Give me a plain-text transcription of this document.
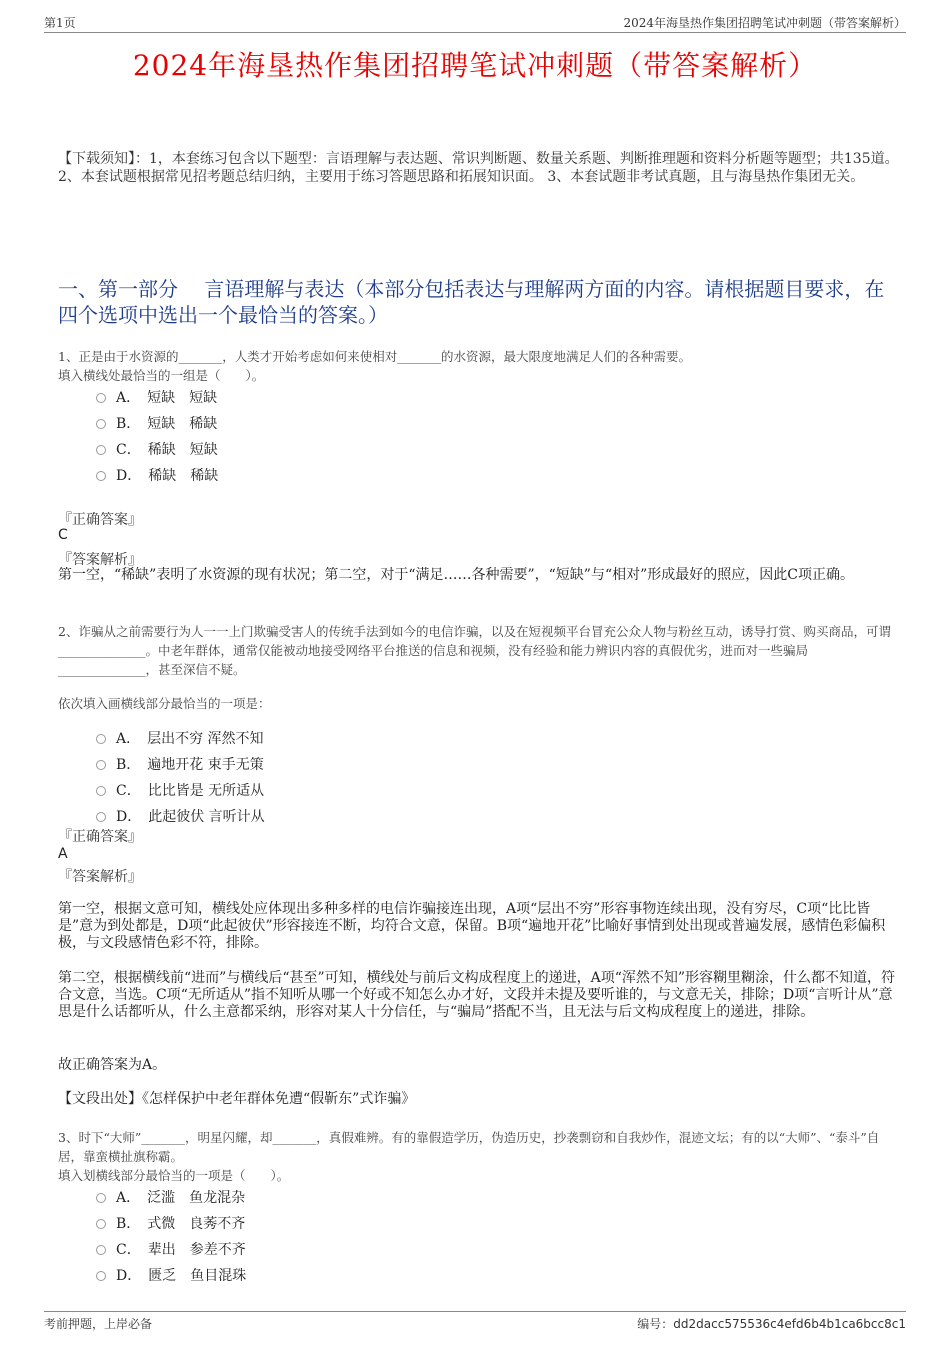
第1页	2024年海垦热作集团招聘笔试冲刺题（带答案解析）
2024年海垦热作集团招聘笔试冲刺题（带答案解析）
【下载须知】：1，本套练习包含以下题型：言语理解与表达题、常识判断题、数量关系题、判断推理题和资料分析题等题型；共135道。 2、本套试题根据常见招考题总结归纳，主要用于练习答题思路和拓展知识面。 3、本套试题非考试真题，且与海垦热作集团无关。
一、第一部分　 言语理解与表达（本部分包括表达与理解两方面的内容。请根据题目要求，在四个选项中选出一个最恰当的答案。）
1、正是由于水资源的_______，人类才开始考虑如何来使相对_______的水资源，最大限度地满足人们的各种需要。
填入横线处最恰当的一组是（　　）。
A．　短缺　短缺
B．　短缺　稀缺
C．　稀缺　短缺
D．　稀缺　稀缺
『正确答案』
C
『答案解析』
第一空，“稀缺”表明了水资源的现有状况；第二空，对于“满足……各种需要”，“短缺”与“相对”形成最好的照应，因此C项正确。
2、诈骗从之前需要行为人一一上门欺骗受害人的传统手法到如今的电信诈骗，以及在短视频平台冒充公众人物与粉丝互动，诱导打赏、购买商品，可谓 ______________。中老年群体，通常仅能被动地接受网络平台推送的信息和视频，没有经验和能力辨识内容的真假优劣，进而对一些骗局 ______________，甚至深信不疑。
依次填入画横线部分最恰当的一项是：
A．　层出不穷 浑然不知
B．　遍地开花 束手无策
C．　比比皆是 无所适从
D．　此起彼伏 言听计从
『正确答案』
A
『答案解析』
第一空，根据文意可知，横线处应体现出多种多样的电信诈骗接连出现，A项“层出不穷”形容事物连续出现，没有穷尽，C项“比比皆是”意为到处都是，D项“此起彼伏”形容接连不断，均符合文意，保留。B项“遍地开花”比喻好事情到处出现或普遍发展，感情色彩偏积极，与文段感情色彩不符，排除。
第二空，根据横线前“进而”与横线后“甚至”可知，横线处与前后文构成程度上的递进，A项“浑然不知”形容糊里糊涂，什么都不知道，符合文意，当选。C项“无所适从”指不知听从哪一个好或不知怎么办才好，文段并未提及要听谁的，与文意无关，排除；D项“言听计从”意思是什么话都听从，什么主意都采纳，形容对某人十分信任，与“骗局”搭配不当，且无法与后文构成程度上的递进，排除。
故正确答案为A。
【文段出处】《怎样保护中老年群体免遭“假靳东”式诈骗》
3、时下“大师”_______，明星闪耀，却_______，真假难辨。有的靠假造学历，伪造历史，抄袭剽窃和自我炒作，混迹文坛；有的以“大师”、“泰斗”自居，靠蛮横扯旗称霸。
填入划横线部分最恰当的一项是（　　）。
A．　泛滥　鱼龙混杂
B．　式微　良莠不齐
C．　辈出　参差不齐
D．　匮乏　鱼目混珠
考前押题，上岸必备	编号：dd2dacc575536c4efd6b4b1ca6bcc8c1
